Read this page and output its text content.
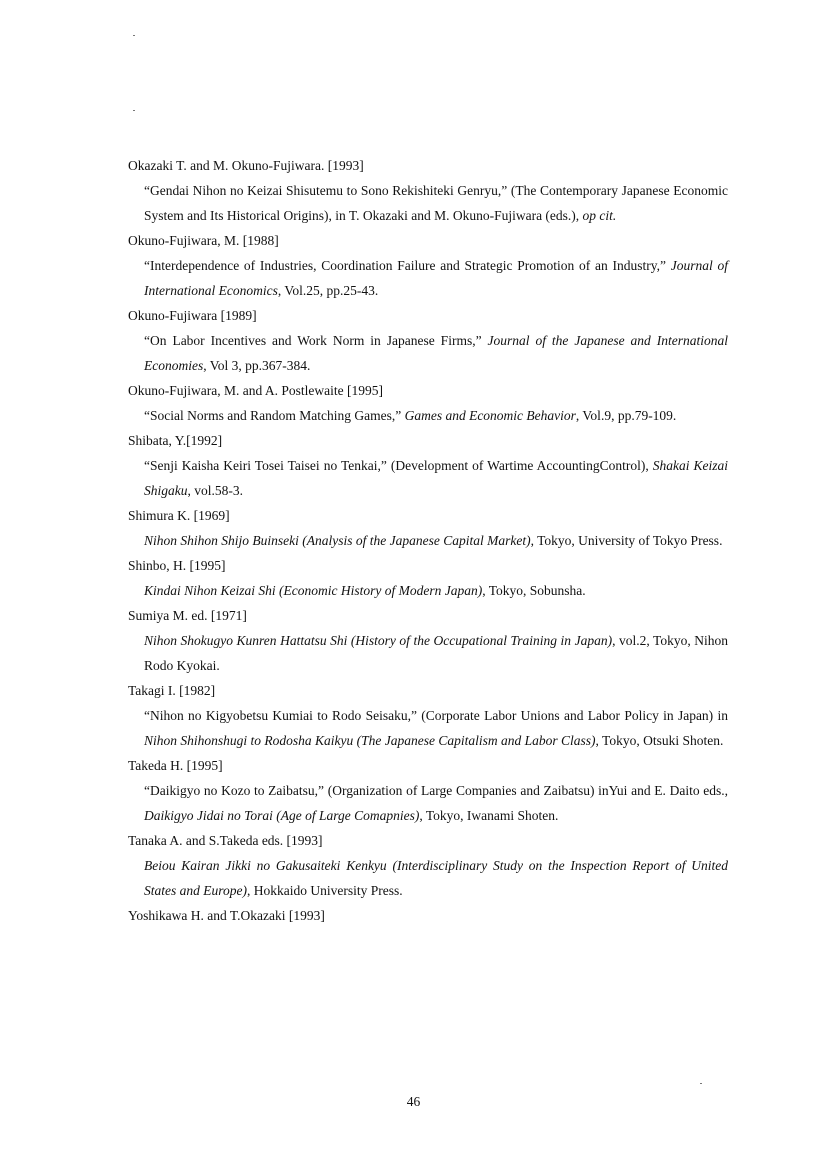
Okazaki T. and M. Okuno-Fujiwara. [1993]
“Gendai Nihon no Keizai Shisutemu to Sono Rekishiteki Genryu,” (The Contemporary Japanese Economic System and Its Historical Origins), in T. Okazaki and M. Okuno-Fujiwara (eds.), op cit.
Okuno-Fujiwara, M. [1988]
“Interdependence of Industries, Coordination Failure and Strategic Promotion of an Industry,” Journal of International Economics, Vol.25, pp.25-43.
Okuno-Fujiwara [1989]
“On Labor Incentives and Work Norm in Japanese Firms,” Journal of the Japanese and International Economies, Vol 3, pp.367-384.
Okuno-Fujiwara, M. and A. Postlewaite [1995]
“Social Norms and Random Matching Games,” Games and Economic Behavior, Vol.9, pp.79-109.
Shibata, Y.[1992]
“Senji Kaisha Keiri Tosei Taisei no Tenkai,” (Development of Wartime AccountingControl), Shakai Keizai Shigaku, vol.58-3.
Shimura K. [1969]
Nihon Shihon Shijo Buinseki (Analysis of the Japanese Capital Market), Tokyo, University of Tokyo Press.
Shinbo, H. [1995]
Kindai Nihon Keizai Shi (Economic History of Modern Japan), Tokyo, Sobunsha.
Sumiya M. ed. [1971]
Nihon Shokugyo Kunren Hattatsu Shi (History of the Occupational Training in Japan), vol.2, Tokyo, Nihon Rodo Kyokai.
Takagi I. [1982]
“Nihon no Kigyobetsu Kumiai to Rodo Seisaku,” (Corporate Labor Unions and Labor Policy in Japan) in Nihon Shihonshugi to Rodosha Kaikyu (The Japanese Capitalism and Labor Class), Tokyo, Otsuki Shoten.
Takeda H. [1995]
“Daikigyo no Kozo to Zaibatsu,” (Organization of Large Companies and Zaibatsu) inYui and E. Daito eds., Daikigyo Jidai no Torai (Age of Large Comapnies), Tokyo, Iwanami Shoten.
Tanaka A. and S.Takeda eds. [1993]
Beiou Kairan Jikki no Gakusaiteki Kenkyu (Interdisciplinary Study on the Inspection Report of United States and Europe), Hokkaido University Press.
Yoshikawa H. and T.Okazaki [1993]
46
